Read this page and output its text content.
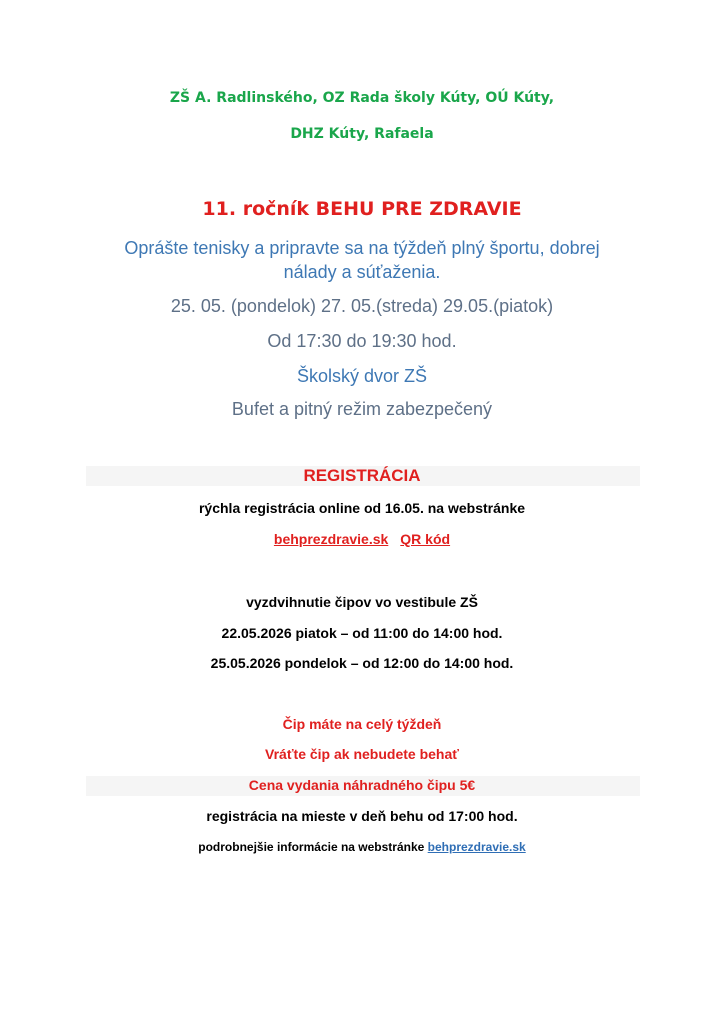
ZŠ A. Radlinského, OZ Rada školy Kúty, OÚ Kúty,

DHZ Kúty, Rafaela

11. ročník BEHU PRE ZDRAVIE

Oprášte tenisky a pripravte sa na týždeň plný športu, dobrej

nálady a súťaženia.

25. 05. (pondelok) 27. 05.(streda) 29.05.(piatok)

Od 17:30 do 19:30 hod.

Školský dvor ZŠ

Bufet a pitný režim zabezpečený

REGISTRÁCIA

rýchla registrácia online od 16.05. na webstránke

behprezdravie.sk QR kód

vyzdvihnutie čipov vo vestibule ZŠ

22.05.2026 piatok – od 11:00 do 14:00 hod.

25.05.2026 pondelok – od 12:00 do 14:00 hod.

Čip máte na celý týždeň

Vráťte čip ak nebudete behať

Cena vydania náhradného čipu 5€

registrácia na mieste v deň behu od 17:00 hod.

podrobnejšie informácie na webstránke behprezdravie.sk
